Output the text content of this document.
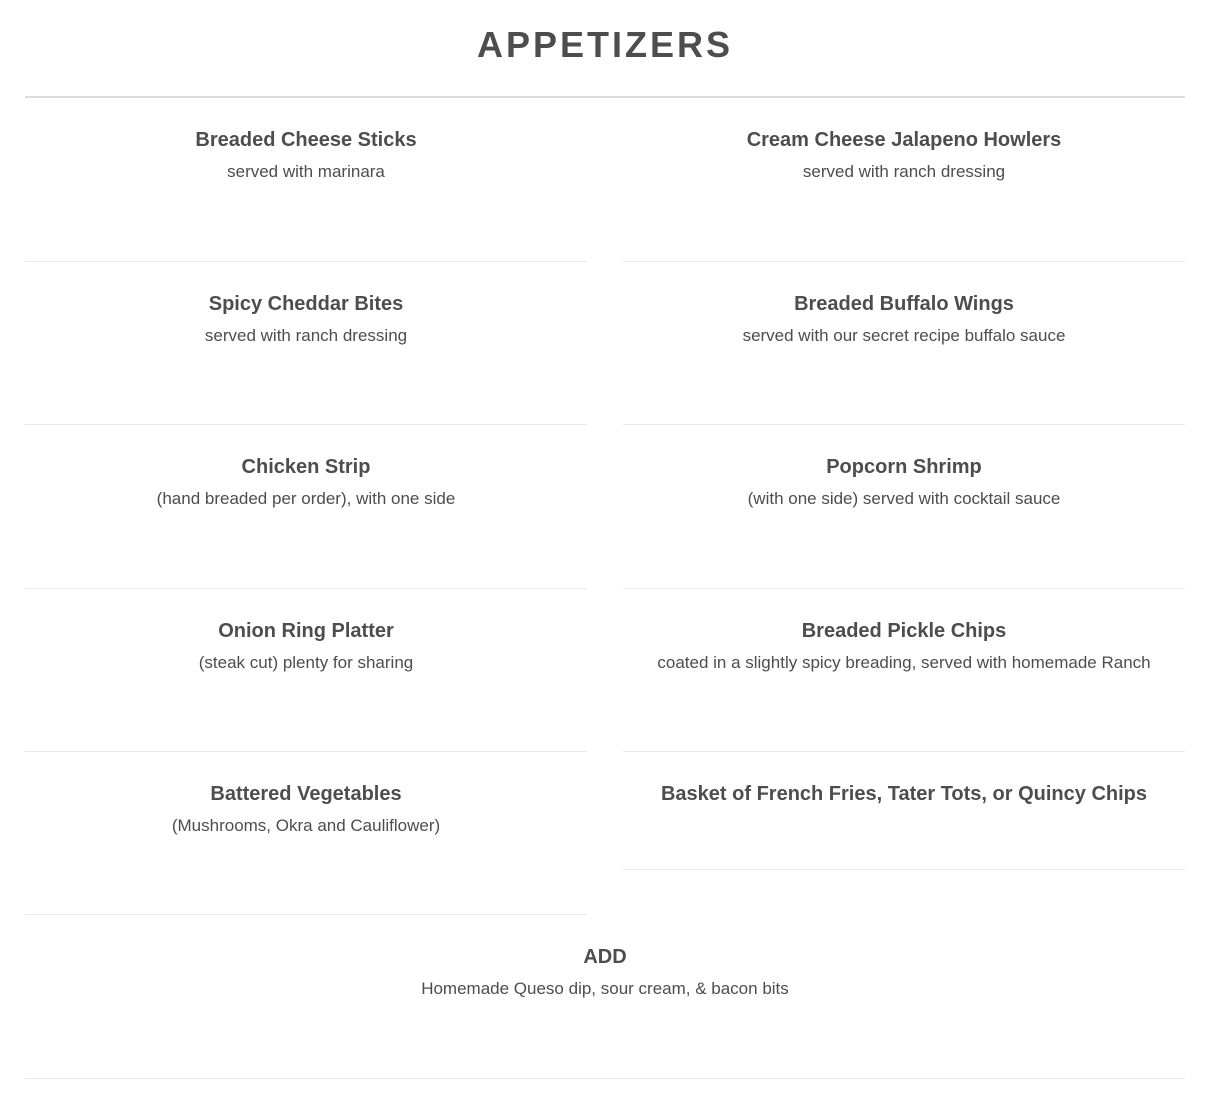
APPETIZERS
Breaded Cheese Sticks
served with marinara
Cream Cheese Jalapeno Howlers
served with ranch dressing
Spicy Cheddar Bites
served with ranch dressing
Breaded Buffalo Wings
served with our secret recipe buffalo sauce
Chicken Strip
(hand breaded per order), with one side
Popcorn Shrimp
(with one side) served with cocktail sauce
Onion Ring Platter
(steak cut) plenty for sharing
Breaded Pickle Chips
coated in a slightly spicy breading, served with homemade Ranch
Battered Vegetables
(Mushrooms, Okra and Cauliflower)
Basket of French Fries, Tater Tots, or Quincy Chips
ADD
Homemade Queso dip, sour cream, & bacon bits
